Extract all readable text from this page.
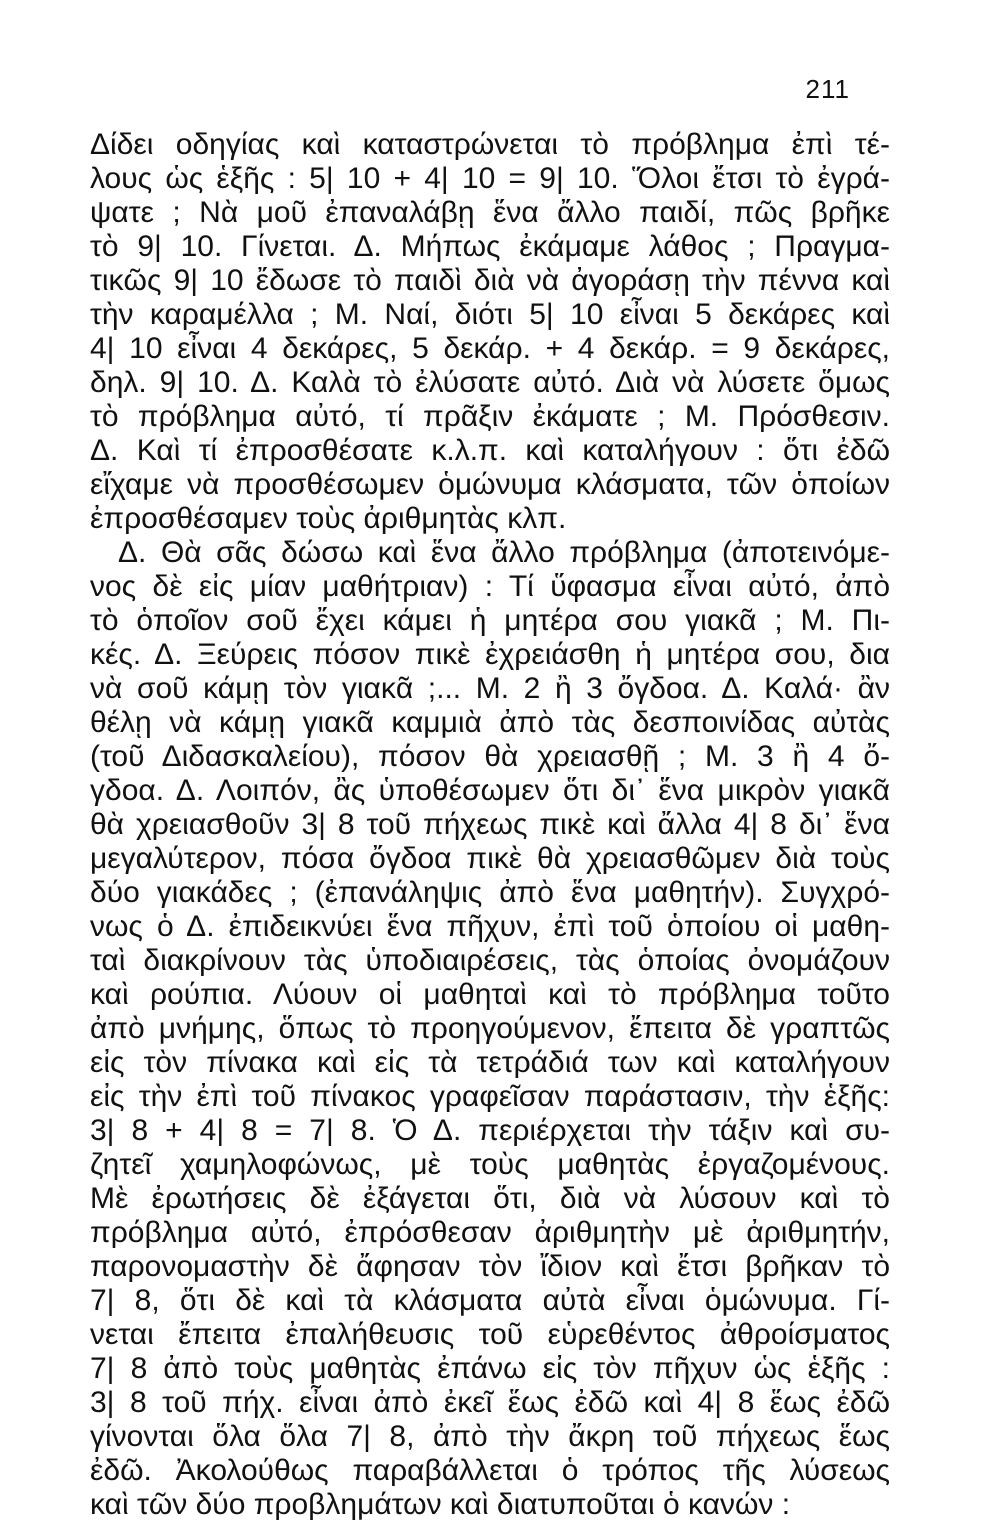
211
Δίδει οδηγίας καὶ καταστρώνεται τὸ πρόβλημα ἐπὶ τέ-
λους ὡς ἑξῆς : 5| 10 + 4| 10 = 9| 10. Ὅλοι ἔτσι τὸ ἐγρά-
ψατε ; Νὰ μοῦ ἐπαναλάβῃ ἕνα ἄλλο παιδί, πῶς βρῆκε
τὸ 9| 10. Γίνεται. Δ. Μήπως ἐκάμαμε λάθος ; Πραγμα-
τικῶς 9| 10 ἔδωσε τὸ παιδὶ διὰ νὰ ἀγοράσῃ τὴν πέννα καὶ
τὴν καραμέλλα ; Μ. Ναί, διότι 5| 10 εἶναι 5 δεκάρες καὶ
4| 10 εἶναι 4 δεκάρες, 5 δεκάρ. + 4 δεκάρ. = 9 δεκάρες,
δηλ. 9| 10. Δ. Καλὰ τὸ ἐλύσατε αὐτό. Διὰ νὰ λύσετε ὅμως
τὸ πρόβλημα αὐτό, τί πρᾶξιν ἐκάματε ; Μ. Πρόσθεσιν.
Δ. Καὶ τί ἐπροσθέσατε κ.λ.π. καὶ καταλήγουν : ὅτι ἐδῶ
εἴχαμε νὰ προσθέσωμεν ὁμώνυμα κλάσματα, τῶν ὁποίων
ἐπροσθέσαμεν τοὺς ἀριθμητὰς κλπ.
Δ. Θὰ σᾶς δώσω καὶ ἕνα ἄλλο πρόβλημα (ἀποτεινόμε-
νος δὲ εἰς μίαν μαθήτριαν) : Τί ὕφασμα εἶναι αὐτό, ἀπὸ
τὸ ὁποῖον σοῦ ἔχει κάμει ἡ μητέρα σου γιακᾶ ; Μ. Πι-
κές. Δ. Ξεύρεις πόσον πικὲ ἐχρειάσθη ἡ μητέρα σου, δια
νὰ σοῦ κάμῃ τὸν γιακᾶ ;... Μ. 2 ἢ 3 ὄγδοα. Δ. Καλά· ἂν
θέλῃ νὰ κάμῃ γιακᾶ καμμιὰ ἀπὸ τὰς δεσποινίδας αὐτὰς
(τοῦ Διδασκαλείου), πόσον θὰ χρειασθῇ ; Μ. 3 ἢ 4 ὄ-
γδοα. Δ. Λοιπόν, ἂς ὑποθέσωμεν ὅτι δι᾽ ἕνα μικρὸν γιακᾶ
θὰ χρειασθοῦν 3| 8 τοῦ πήχεως πικὲ καὶ ἄλλα 4| 8 δι᾽ ἕνα
μεγαλύτερον, πόσα ὄγδοα πικὲ θὰ χρειασθῶμεν διὰ τοὺς
δύο γιακάδες ; (ἐπανάληψις ἀπὸ ἕνα μαθητήν). Συγχρό-
νως ὁ Δ. ἐπιδεικνύει ἕνα πῆχυν, ἐπὶ τοῦ ὁποίου οἱ μαθη-
ταὶ διακρίνουν τὰς ὑποδιαιρέσεις, τὰς ὁποίας ὀνομάζουν
καὶ ρούπια. Λύουν οἱ μαθηταὶ καὶ τὸ πρόβλημα τοῦτο
ἀπὸ μνήμης, ὅπως τὸ προηγούμενον, ἔπειτα δὲ γραπτῶς
εἰς τὸν πίνακα καὶ εἰς τὰ τετράδιά των καὶ καταλήγουν
εἰς τὴν ἐπὶ τοῦ πίνακος γραφεῖσαν παράστασιν, τὴν ἑξῆς:
3| 8 + 4| 8 = 7| 8. Ὁ Δ. περιέρχεται τὴν τάξιν καὶ συ-
ζητεῖ χαμηλοφώνως, μὲ τοὺς μαθητὰς ἐργαζομένους.
Μὲ ἐρωτήσεις δὲ ἐξάγεται ὅτι, διὰ νὰ λύσουν καὶ τὸ
πρόβλημα αὐτό, ἐπρόσθεσαν ἀριθμητὴν μὲ ἀριθμητήν,
παρονομαστὴν δὲ ἄφησαν τὸν ἴδιον καὶ ἔτσι βρῆκαν τὸ
7| 8, ὅτι δὲ καὶ τὰ κλάσματα αὐτὰ εἶναι ὁμώνυμα. Γί-
νεται ἔπειτα ἐπαλήθευσις τοῦ εὑρεθέντος ἀθροίσματος
7| 8 ἀπὸ τοὺς μαθητὰς ἐπάνω εἰς τὸν πῆχυν ὡς ἑξῆς :
3| 8 τοῦ πήχ. εἶναι ἀπὸ ἐκεῖ ἕως ἐδῶ καὶ 4| 8 ἕως ἐδῶ
γίνονται ὅλα ὅλα 7| 8, ἀπὸ τὴν ἄκρη τοῦ πήχεως ἕως
ἐδῶ. Ἀκολούθως παραβάλλεται ὁ τρόπος τῆς λύσεως
καὶ τῶν δύο προβλημάτων καὶ διατυποῦται ὁ κανών :
